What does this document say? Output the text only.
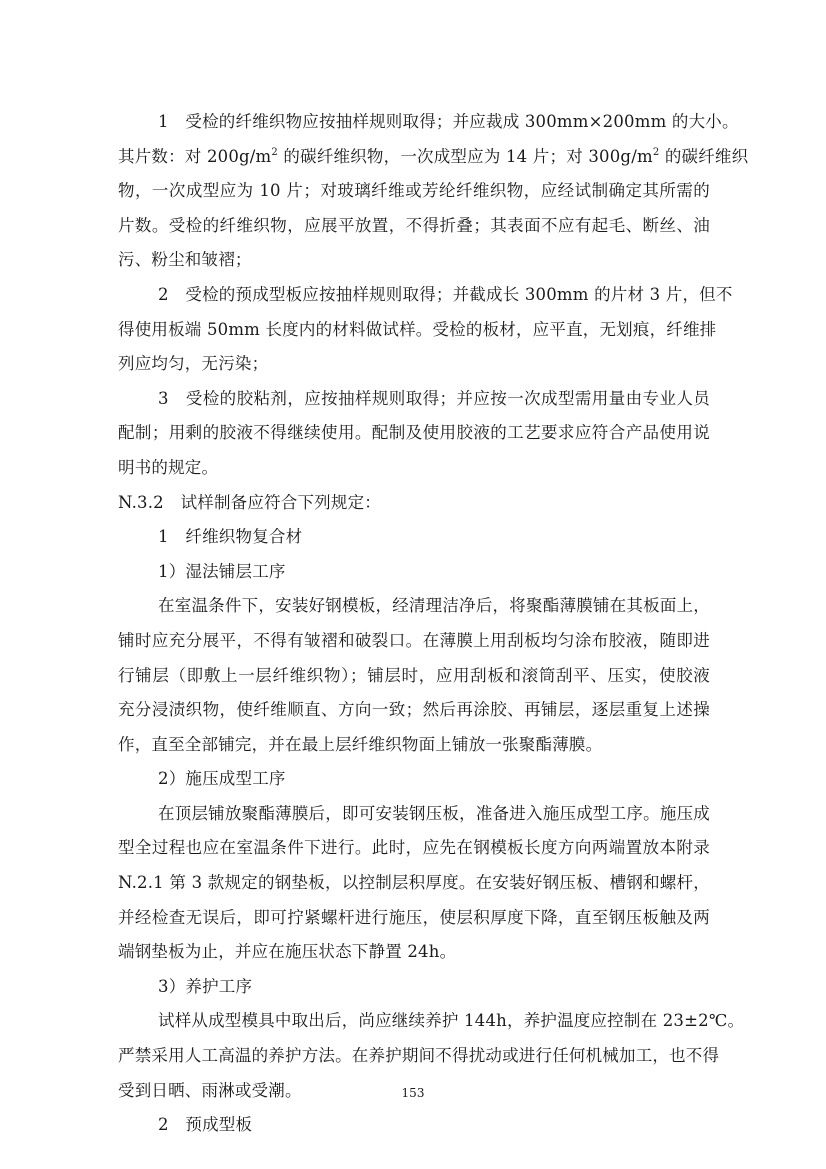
1　受检的纤维织物应按抽样规则取得；并应裁成 300mm×200mm 的大小。
其片数：对 $200g/m^2$ 的碳纤维织物，一次成型应为 14 片；对 $300g/m^2$ 的碳纤维织
物，一次成型应为 10 片；对玻璃纤维或芳纶纤维织物，应经试制确定其所需的
片数。受检的纤维织物，应展平放置，不得折叠；其表面不应有起毛、断丝、油
污、粉尘和皱褶；
2　受检的预成型板应按抽样规则取得；并截成长 300mm 的片材 3 片，但不
得使用板端 50mm 长度内的材料做试样。受检的板材，应平直，无划痕，纤维排
列应均匀，无污染；
3　受检的胶粘剂，应按抽样规则取得；并应按一次成型需用量由专业人员
配制；用剩的胶液不得继续使用。配制及使用胶液的工艺要求应符合产品使用说
明书的规定。
N.3.2　试样制备应符合下列规定：
1　纤维织物复合材
1）湿法铺层工序
在室温条件下，安装好钢模板，经清理洁净后，将聚酯薄膜铺在其板面上，
铺时应充分展平，不得有皱褶和破裂口。在薄膜上用刮板均匀涂布胶液，随即进
行铺层（即敷上一层纤维织物）；铺层时，应用刮板和滚筒刮平、压实，使胶液
充分浸渍织物，使纤维顺直、方向一致；然后再涂胶、再铺层，逐层重复上述操
作，直至全部铺完，并在最上层纤维织物面上铺放一张聚酯薄膜。
2）施压成型工序
在顶层铺放聚酯薄膜后，即可安装钢压板，准备进入施压成型工序。施压成
型全过程也应在室温条件下进行。此时，应先在钢模板长度方向两端置放本附录
N.2.1 第 3 款规定的钢垫板，以控制层积厚度。在安装好钢压板、槽钢和螺杆，
并经检查无误后，即可拧紧螺杆进行施压，使层积厚度下降，直至钢压板触及两
端钢垫板为止，并应在施压状态下静置 24h。
3）养护工序
试样从成型模具中取出后，尚应继续养护 144h，养护温度应控制在 23±2℃。
严禁采用人工高温的养护方法。在养护期间不得扰动或进行任何机械加工，也不得
受到日晒、雨淋或受潮。
2　预成型板
153
